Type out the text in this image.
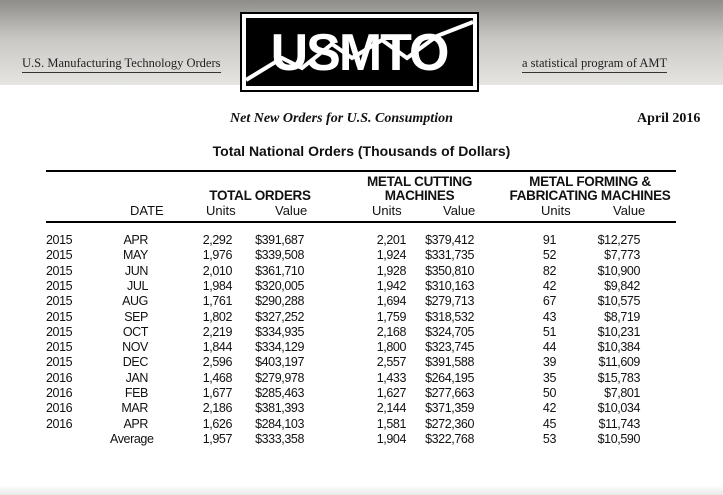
U.S. Manufacturing Technology Orders	a statistical program of AMT
USMTO
Net New Orders for U.S. Consumption	April 2016
Total National Orders (Thousands of Dollars)
TOTAL ORDERS
METAL CUTTING
MACHINES
METAL FORMING &
FABRICATING MACHINES
DATE	Units	Value	Units	Value	Units	Value
2015	APR	2,292	$391,687	2,201	$379,412	91	$12,275
2015	MAY	1,976	$339,508	1,924	$331,735	52	$7,773
2015	JUN	2,010	$361,710	1,928	$350,810	82	$10,900
2015	JUL	1,984	$320,005	1,942	$310,163	42	$9,842
2015	AUG	1,761	$290,288	1,694	$279,713	67	$10,575
2015	SEP	1,802	$327,252	1,759	$318,532	43	$8,719
2015	OCT	2,219	$334,935	2,168	$324,705	51	$10,231
2015	NOV	1,844	$334,129	1,800	$323,745	44	$10,384
2015	DEC	2,596	$403,197	2,557	$391,588	39	$11,609
2016	JAN	1,468	$279,978	1,433	$264,195	35	$15,783
2016	FEB	1,677	$285,463	1,627	$277,663	50	$7,801
2016	MAR	2,186	$381,393	2,144	$371,359	42	$10,034
2016	APR	1,626	$284,103	1,581	$272,360	45	$11,743
Average	1,957	$333,358	1,904	$322,768	53	$10,590
